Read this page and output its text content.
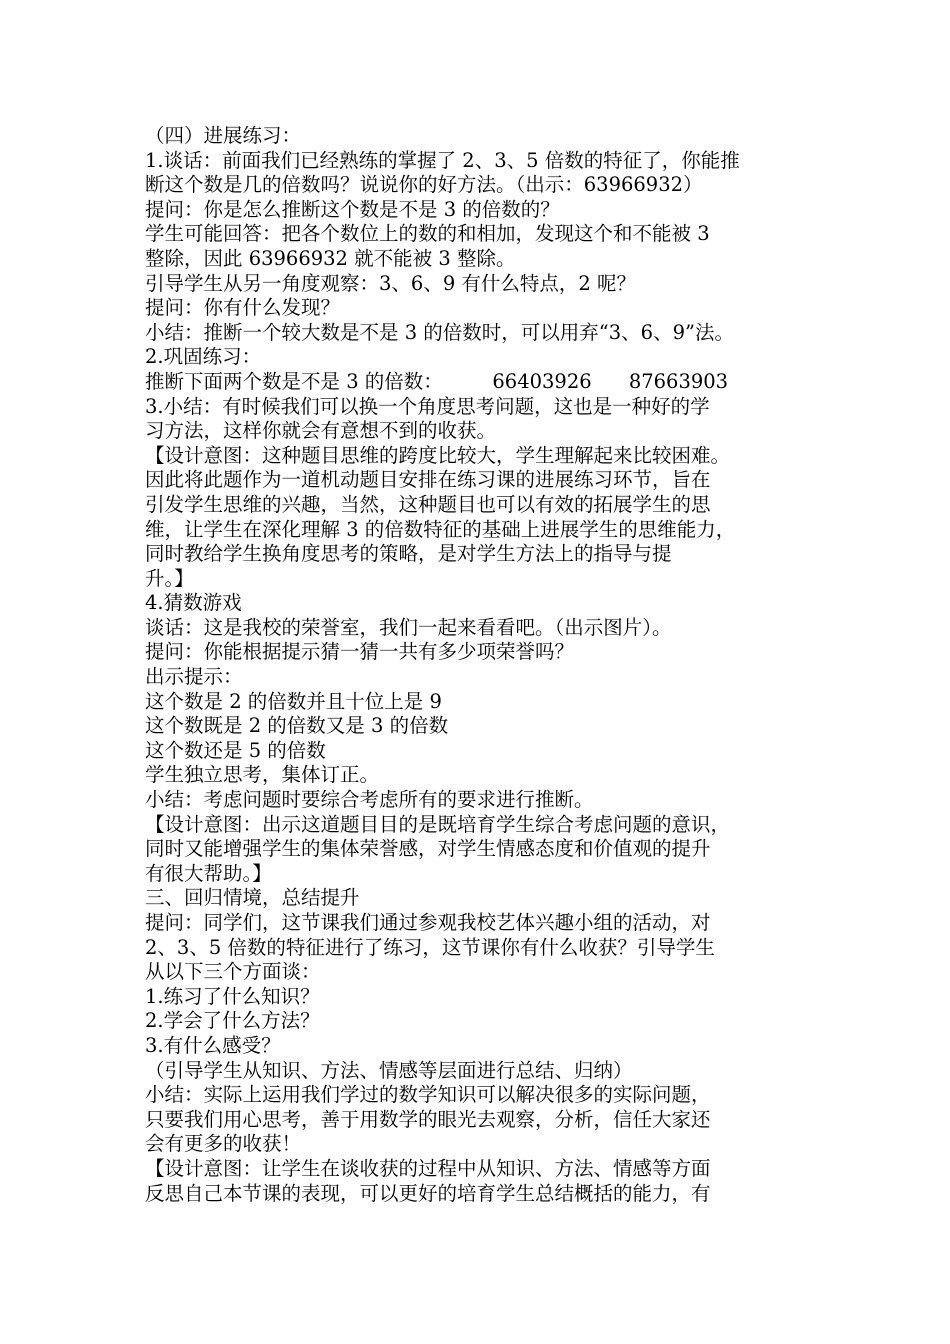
（四）进展练习：
1.谈话：前面我们已经熟练的掌握了 2、3、5 倍数的特征了，你能推
断这个数是几的倍数吗？说说你的好方法。（出示：63966932）
提问：你是怎么推断这个数是不是 3 的倍数的？
学生可能回答：把各个数位上的数的和相加，发现这个和不能被 3
整除，因此 63966932 就不能被 3 整除。
引导学生从另一角度观察：3、6、9 有什么特点，2 呢？
提问：你有什么发现？
小结：推断一个较大数是不是 3 的倍数时，可以用弃“3、6、9”法。
2.巩固练习：
推断下面两个数是不是 3 的倍数：        66403926      87663903
3.小结：有时候我们可以换一个角度思考问题，这也是一种好的学
习方法，这样你就会有意想不到的收获。
【设计意图：这种题目思维的跨度比较大，学生理解起来比较困难。
因此将此题作为一道机动题目安排在练习课的进展练习环节，旨在
引发学生思维的兴趣，当然，这种题目也可以有效的拓展学生的思
维，让学生在深化理解 3 的倍数特征的基础上进展学生的思维能力，
同时教给学生换角度思考的策略，是对学生方法上的指导与提
升。】
4.猜数游戏
谈话：这是我校的荣誉室，我们一起来看看吧。（出示图片）。
提问：你能根据提示猜一猜一共有多少项荣誉吗？
出示提示：
这个数是 2 的倍数并且十位上是 9
这个数既是 2 的倍数又是 3 的倍数
这个数还是 5 的倍数
学生独立思考，集体订正。
小结：考虑问题时要综合考虑所有的要求进行推断。
【设计意图：出示这道题目目的是既培育学生综合考虑问题的意识，
同时又能增强学生的集体荣誉感，对学生情感态度和价值观的提升
有很大帮助。】
三、回归情境，总结提升
提问：同学们，这节课我们通过参观我校艺体兴趣小组的活动，对
2、3、5 倍数的特征进行了练习，这节课你有什么收获？引导学生
从以下三个方面谈：
1.练习了什么知识？
2.学会了什么方法？
3.有什么感受？
（引导学生从知识、方法、情感等层面进行总结、归纳）
小结：实际上运用我们学过的数学知识可以解决很多的实际问题，
只要我们用心思考，善于用数学的眼光去观察，分析，信任大家还
会有更多的收获！
【设计意图：让学生在谈收获的过程中从知识、方法、情感等方面
反思自己本节课的表现，可以更好的培育学生总结概括的能力，有
